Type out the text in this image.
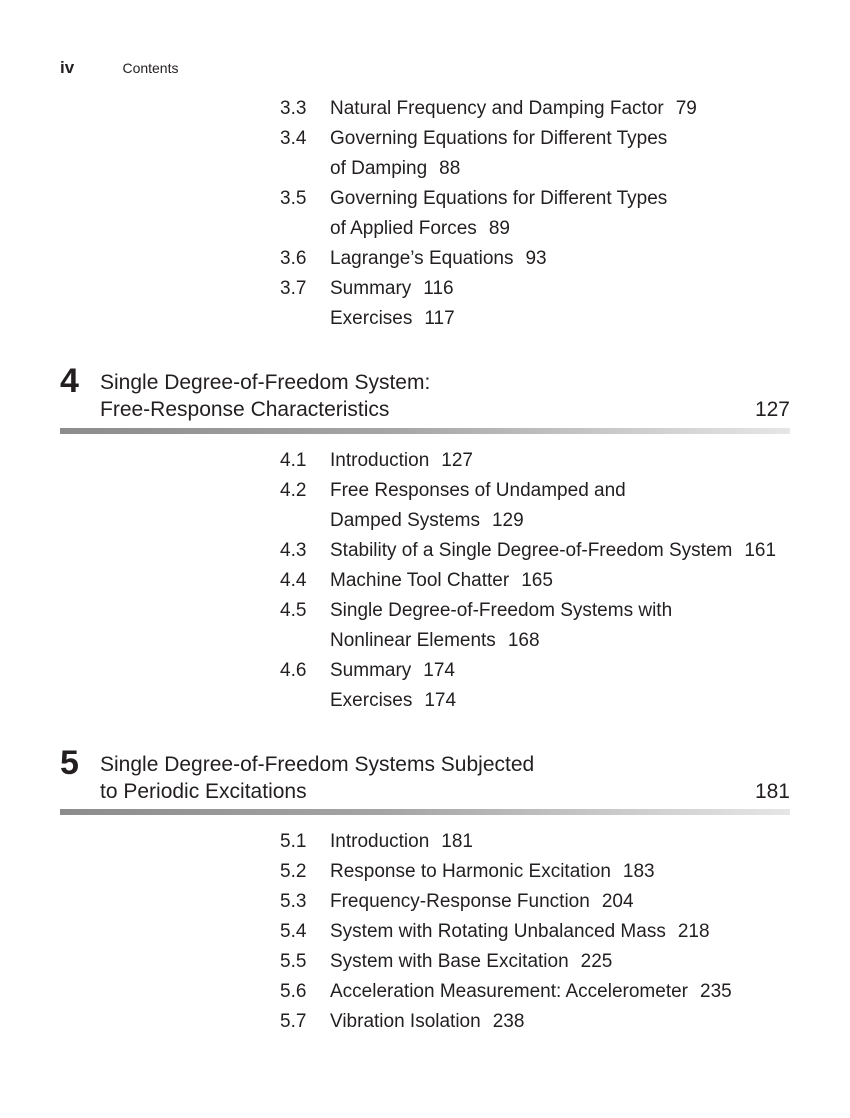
iv	Contents
3.3 Natural Frequency and Damping Factor 79
3.4 Governing Equations for Different Types
of Damping 88
3.5 Governing Equations for Different Types
of Applied Forces 89
3.6 Lagrange’s Equations 93
3.7 Summary 116
Exercises 117
4 Single Degree-of-Freedom System:
Free-Response Characteristics	127
4.1 Introduction 127
4.2 Free Responses of Undamped and
Damped Systems 129
4.3 Stability of a Single Degree-of-Freedom System 161
4.4 Machine Tool Chatter 165
4.5 Single Degree-of-Freedom Systems with
Nonlinear Elements 168
4.6 Summary 174
Exercises 174
5 Single Degree-of-Freedom Systems Subjected
to Periodic Excitations	181
5.1 Introduction 181
5.2 Response to Harmonic Excitation 183
5.3 Frequency-Response Function 204
5.4 System with Rotating Unbalanced Mass 218
5.5 System with Base Excitation 225
5.6 Acceleration Measurement: Accelerometer 235
5.7 Vibration Isolation 238
